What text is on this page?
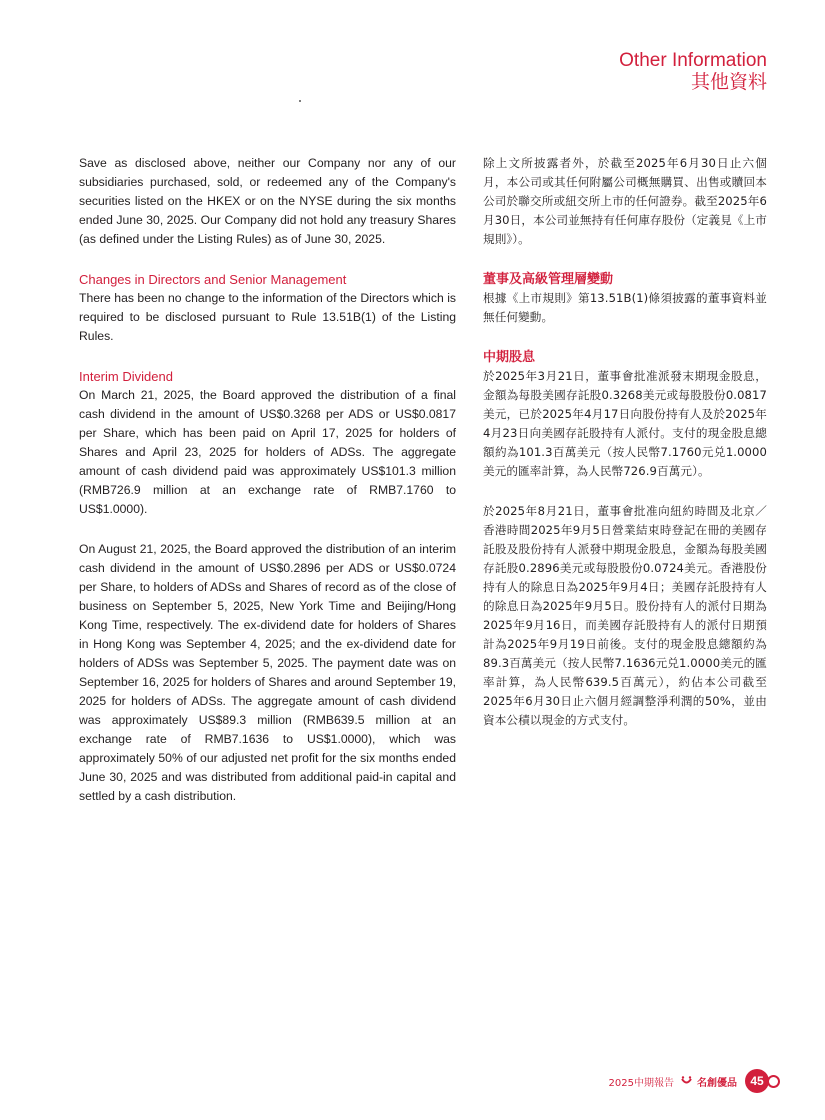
Other Information
其他資料

Save as disclosed above, neither our Company nor any of our subsidiaries purchased, sold, or redeemed any of the Company's securities listed on the HKEX or on the NYSE during the six months ended June 30, 2025. Our Company did not hold any treasury Shares (as defined under the Listing Rules) as of June 30, 2025.

Changes in Directors and Senior Management

There has been no change to the information of the Directors which is required to be disclosed pursuant to Rule 13.51B(1) of the Listing Rules.

Interim Dividend

On March 21, 2025, the Board approved the distribution of a final cash dividend in the amount of US$0.3268 per ADS or US$0.0817 per Share, which has been paid on April 17, 2025 for holders of Shares and April 23, 2025 for holders of ADSs. The aggregate amount of cash dividend paid was approximately US$101.3 million (RMB726.9 million at an exchange rate of RMB7.1760 to US$1.0000).

On August 21, 2025, the Board approved the distribution of an interim cash dividend in the amount of US$0.2896 per ADS or US$0.0724 per Share, to holders of ADSs and Shares of record as of the close of business on September 5, 2025, New York Time and Beijing/Hong Kong Time, respectively. The ex-dividend date for holders of Shares in Hong Kong was September 4, 2025; and the ex-dividend date for holders of ADSs was September 5, 2025. The payment date was on September 16, 2025 for holders of Shares and around September 19, 2025 for holders of ADSs. The aggregate amount of cash dividend was approximately US$89.3 million (RMB639.5 million at an exchange rate of RMB7.1636 to US$1.0000), which was approximately 50% of our adjusted net profit for the six months ended June 30, 2025 and was distributed from additional paid-in capital and settled by a cash distribution.

除上文所披露者外，於截至2025年6月30日止六個月，本公司或其任何附屬公司概無購買、出售或贖回本公司於聯交所或紐交所上市的任何證券。截至2025年6月30日，本公司並無持有任何庫存股份（定義見《上市規則》）。

董事及高級管理層變動

根據《上市規則》第13.51B(1)條須披露的董事資料並無任何變動。

中期股息

於2025年3月21日，董事會批准派發末期現金股息，金額為每股美國存託股0.3268美元或每股股份0.0817美元，已於2025年4月17日向股份持有人及於2025年4月23日向美國存託股持有人派付。支付的現金股息總額約為101.3百萬美元（按人民幣7.1760元兑1.0000美元的匯率計算，為人民幣726.9百萬元）。

於2025年8月21日，董事會批准向紐約時間及北京／香港時間2025年9月5日營業結束時登記在冊的美國存託股及股份持有人派發中期現金股息，金額為每股美國存託股0.2896美元或每股股份0.0724美元。香港股份持有人的除息日為2025年9月4日；美國存託股持有人的除息日為2025年9月5日。股份持有人的派付日期為2025年9月16日，而美國存託股持有人的派付日期預計為2025年9月19日前後。支付的現金股息總額約為89.3百萬美元（按人民幣7.1636元兑1.0000美元的匯率計算，為人民幣639.5百萬元），約佔本公司截至2025年6月30日止六個月經調整淨利潤的50%，並由資本公積以現金的方式支付。

2025中期報告 名創優品	45
